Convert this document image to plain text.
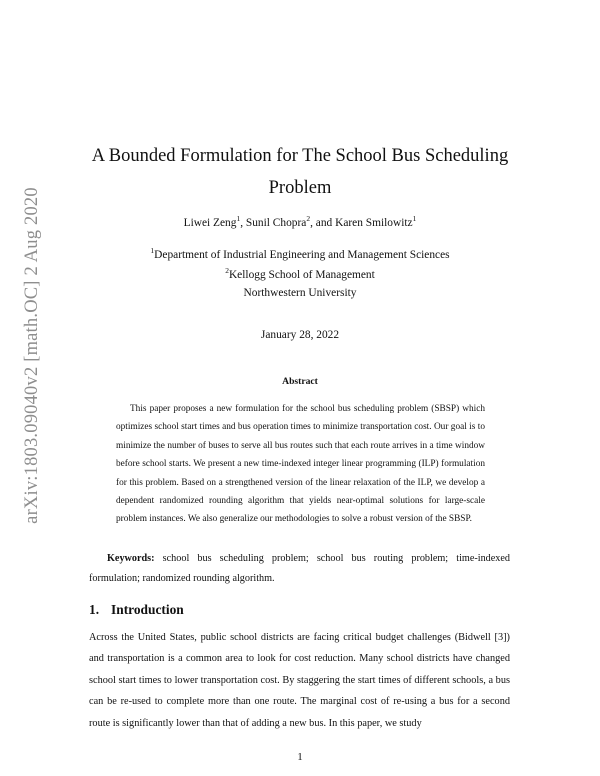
arXiv:1803.09040v2 [math.OC] 2 Aug 2020
A Bounded Formulation for The School Bus Scheduling Problem
Liwei Zeng$^1$, Sunil Chopra$^2$, and Karen Smilowitz$^1$
$^1$Department of Industrial Engineering and Management Sciences
$^2$Kellogg School of Management
Northwestern University
January 28, 2022
Abstract

This paper proposes a new formulation for the school bus scheduling problem (SBSP) which optimizes school start times and bus operation times to minimize transportation cost. Our goal is to minimize the number of buses to serve all bus routes such that each route arrives in a time window before school starts. We present a new time-indexed integer linear programming (ILP) formulation for this problem. Based on a strengthened version of the linear relaxation of the ILP, we develop a dependent randomized rounding algorithm that yields near-optimal solutions for large-scale problem instances. We also generalize our methodologies to solve a robust version of the SBSP.

Keywords: school bus scheduling problem; school bus routing problem; time-indexed formulation; randomized rounding algorithm.

1. Introduction

Across the United States, public school districts are facing critical budget challenges (Bidwell [3]) and transportation is a common area to look for cost reduction. Many school districts have changed school start times to lower transportation cost. By staggering the start times of different schools, a bus can be re-used to complete more than one route. The marginal cost of re-using a bus for a second route is significantly lower than that of adding a new bus. In this paper, we study

1
